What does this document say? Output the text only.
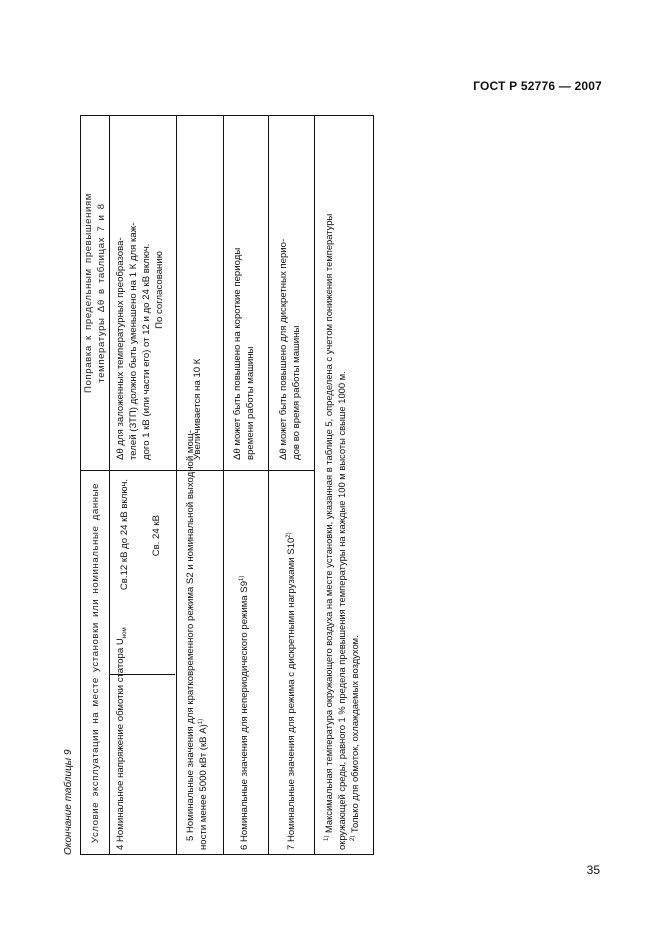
ГОСТ Р 52776 — 2007
Окончание таблицы 9 Условие эксплуатации на месте установки или номинальные данные
Поправка к предельным превышениям температуры Δθ в таблицах 7 и 8
4 Номинальное напряжение обмотки статора $U_{ном}$
Св.12 кВ до 24 кВ включ. Св. 24 кВ
Δθ для заложенных температурных преобразова- телей (ЗТП) должно быть уменьшено на 1 К для каж- дого 1 кВ (или части его) от 12 и до 24 кВ включ. По согласованию
5 Номинальные значения для кратковременного режима S2 и номинальной выходной мощ- ности менее 5000 кВт (кВ А)$^{1)}$
Увеличивается на 10 К
6 Номинальные значения для непериодического режима S9$^{1)}$
Δθ может быть повышено на короткие периоды времени работы машины
7 Номинальные значения для режима с дискретными нагрузками S10$^{2)}$
Δθ может быть повышено для дискретных перио- дов во время работы машины
$^{1)}$ Максимальная температура окружающего воздуха на месте установки, указанная в таблице 5, определена с учетом понижения температуры окружающей среды, равного 1 % предела превышения температуры на каждые 100 м высоты свыше 1000 м. $^{2)}$ Только для обмоток, охлаждаемых воздухом.
35
